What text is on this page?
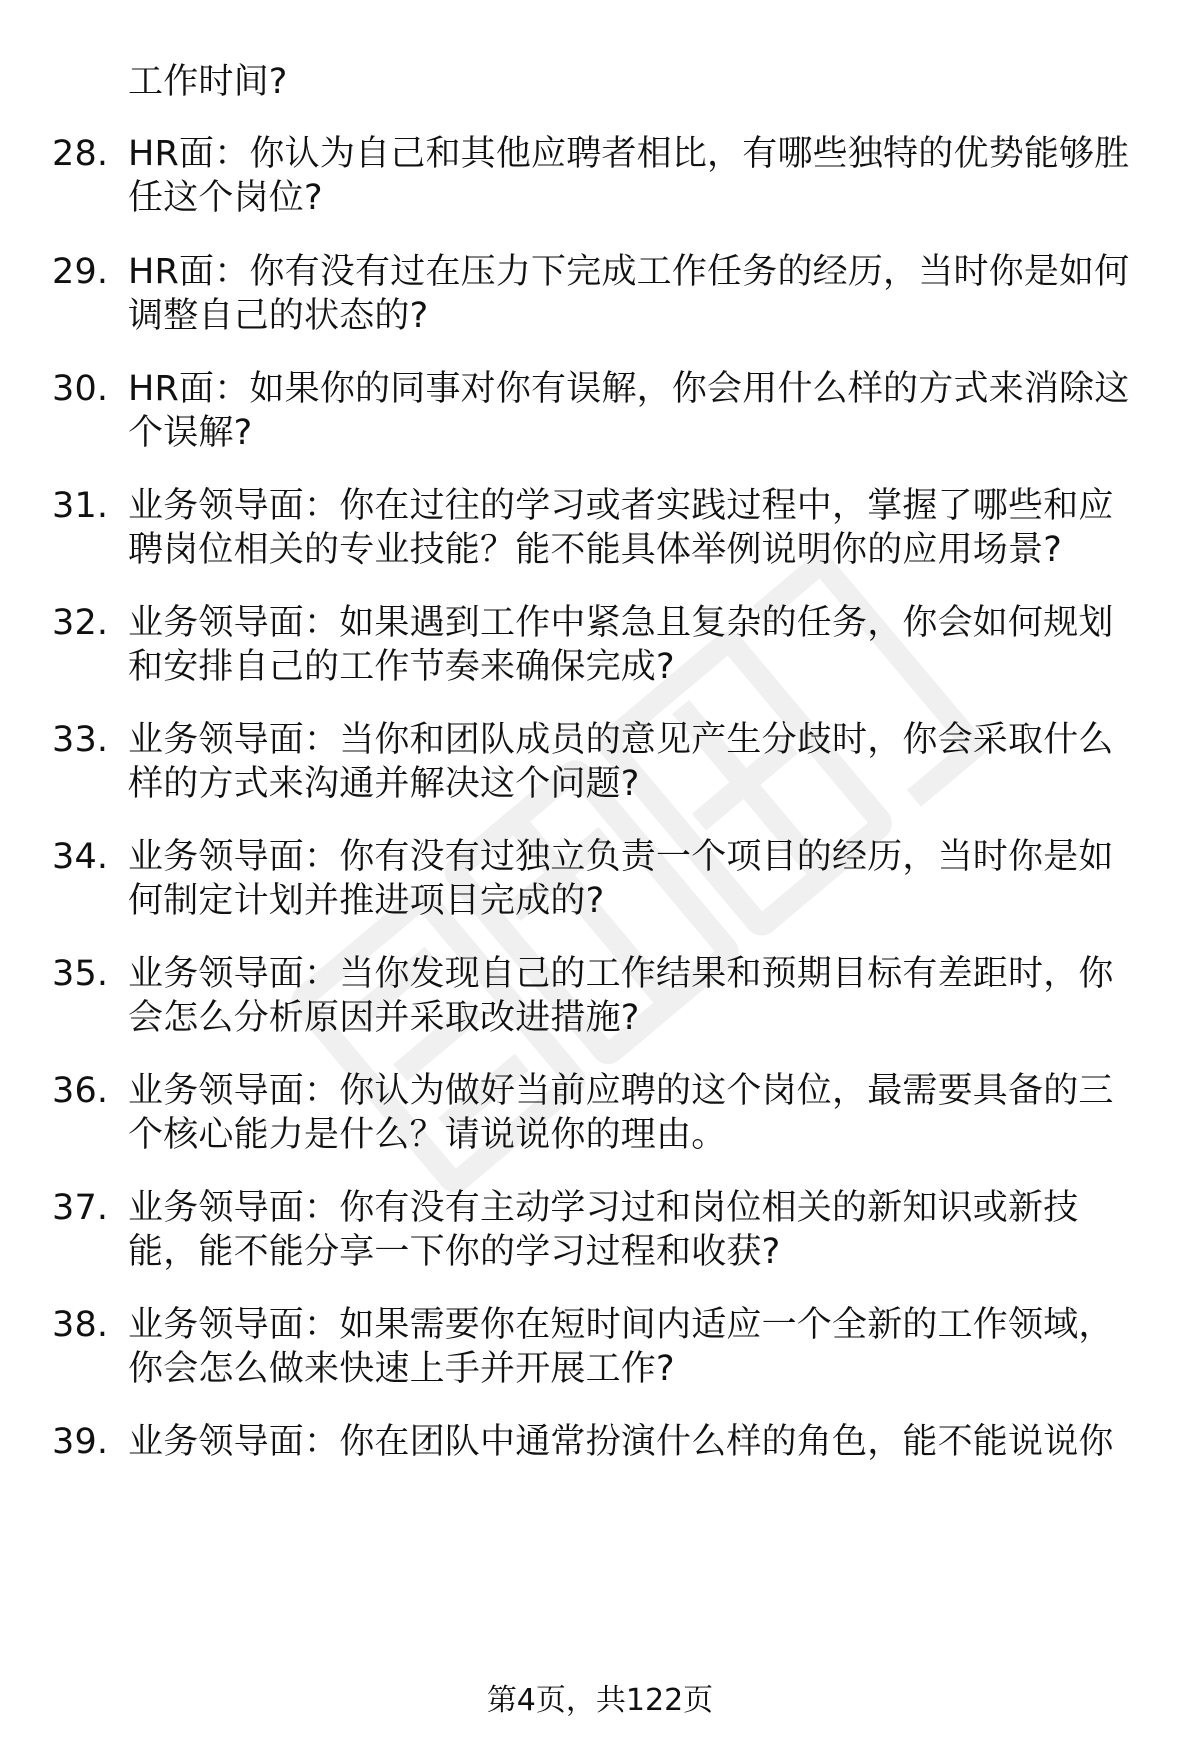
工作时间?
28. HR面：你认为自己和其他应聘者相比，有哪些独特的优势能够胜
任这个岗位?
29. HR面：你有没有过在压力下完成工作任务的经历，当时你是如何
调整自己的状态的?
30. HR面：如果你的同事对你有误解，你会用什么样的方式来消除这
个误解?
31. 业务领导面：你在过往的学习或者实践过程中，掌握了哪些和应
聘岗位相关的专业技能？能不能具体举例说明你的应用场景?
32. 业务领导面：如果遇到工作中紧急且复杂的任务，你会如何规划
和安排自己的工作节奏来确保完成?
33. 业务领导面：当你和团队成员的意见产生分歧时，你会采取什么
样的方式来沟通并解决这个问题?
34. 业务领导面：你有没有过独立负责一个项目的经历，当时你是如
何制定计划并推进项目完成的?
35. 业务领导面：当你发现自己的工作结果和预期目标有差距时，你
会怎么分析原因并采取改进措施?
36. 业务领导面：你认为做好当前应聘的这个岗位，最需要具备的三
个核心能力是什么？请说说你的理由。
37. 业务领导面：你有没有主动学习过和岗位相关的新知识或新技
能，能不能分享一下你的学习过程和收获?
38. 业务领导面：如果需要你在短时间内适应一个全新的工作领域，
你会怎么做来快速上手并开展工作?
39. 业务领导面：你在团队中通常扮演什么样的角色，能不能说说你
第4页，共122页
